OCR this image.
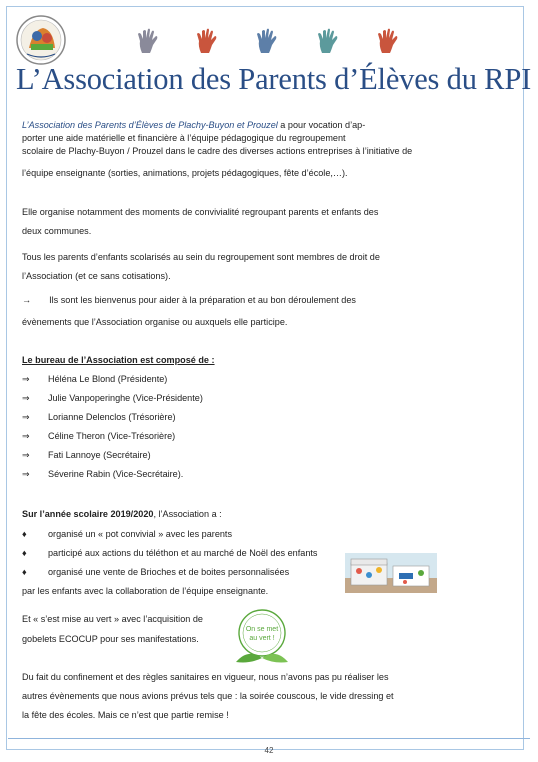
L’Association des Parents d’Élèves du RPI
L’Association des Parents d’Élèves de Plachy-Buyon et Prouzel a pour vocation d’ap-
porter une aide matérielle et financière à l’équipe pédagogique du regroupement
scolaire de Plachy-Buyon / Prouzel dans le cadre des diverses actions entreprises à l’initiative de
l’équipe enseignante (sorties, animations, projets pédagogiques, fête d’école,…).
Elle organise notamment des moments de convivialité regroupant parents et enfants des
deux communes.
Tous les parents d’enfants scolarisés au sein du regroupement sont membres de droit de
l’Association (et ce sans cotisations).
→ Ils sont les bienvenus pour aider à la préparation et au bon déroulement des
évènements que l’Association organise ou auxquels elle participe.
Le bureau de l’Association est composé de :
⇒ Héléna Le Blond (Présidente)
⇒ Julie Vanpoperinghe (Vice-Présidente)
⇒ Lorianne Delenclos (Trésorière)
⇒ Céline Theron (Vice-Trésorière)
⇒ Fati Lannoye (Secrétaire)
⇒ Séverine Rabin (Vice-Secrétaire).
Sur l’année scolaire 2019/2020, l’Association a :
♦ organisé un « pot convivial » avec les parents
♦ participé aux actions du téléthon et au marché de Noël des enfants
♦ organisé une vente de Brioches et de boites personnalisées
par les enfants avec la collaboration de l’équipe enseignante.
Et « s’est mise au vert » avec l’acquisition de
gobelets ECOCUP pour ses manifestations.
On se met
au vert !
Du fait du confinement et des règles sanitaires en vigueur, nous n’avons pas pu réaliser les
autres évènements que nous avions prévus tels que : la soirée couscous, le vide dressing et
la fête des écoles. Mais ce n’est que partie remise !
42
